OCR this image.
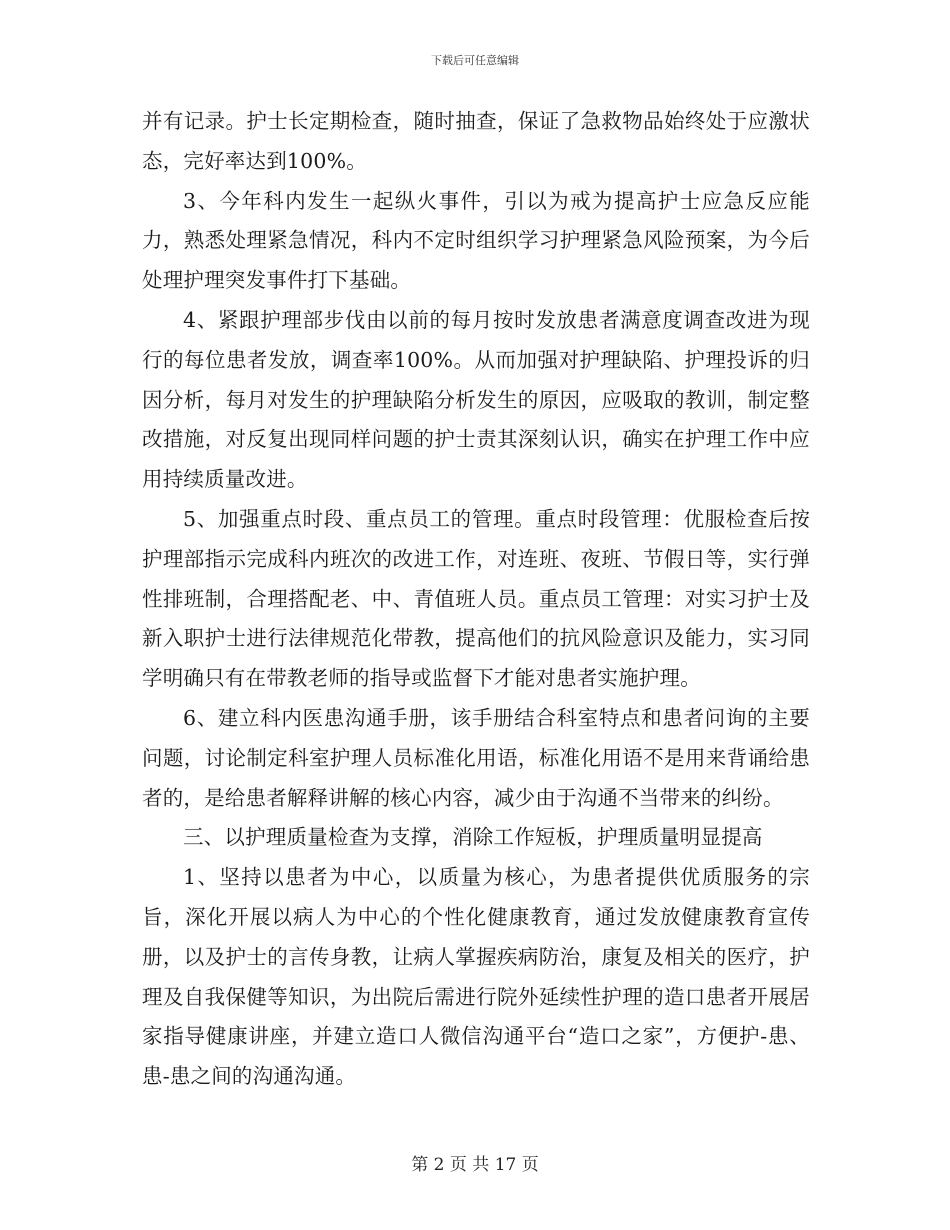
下载后可任意编辑

并有记录。护士长定期检查，随时抽查，保证了急救物品始终处于应激状态，完好率达到100%。

3、今年科内发生一起纵火事件，引以为戒为提高护士应急反应能力，熟悉处理紧急情况，科内不定时组织学习护理紧急风险预案，为今后处理护理突发事件打下基础。

4、紧跟护理部步伐由以前的每月按时发放患者满意度调查改进为现行的每位患者发放，调查率100%。从而加强对护理缺陷、护理投诉的归因分析，每月对发生的护理缺陷分析发生的原因，应吸取的教训，制定整改措施，对反复出现同样问题的护士责其深刻认识，确实在护理工作中应用持续质量改进。

5、加强重点时段、重点员工的管理。重点时段管理：优服检查后按护理部指示完成科内班次的改进工作，对连班、夜班、节假日等，实行弹性排班制，合理搭配老、中、青值班人员。重点员工管理：对实习护士及新入职护士进行法律规范化带教，提高他们的抗风险意识及能力，实习同学明确只有在带教老师的指导或监督下才能对患者实施护理。

6、建立科内医患沟通手册，该手册结合科室特点和患者问询的主要问题，讨论制定科室护理人员标准化用语，标准化用语不是用来背诵给患者的，是给患者解释讲解的核心内容，减少由于沟通不当带来的纠纷。

三、以护理质量检查为支撑，消除工作短板，护理质量明显提高

1、坚持以患者为中心，以质量为核心，为患者提供优质服务的宗旨，深化开展以病人为中心的个性化健康教育，通过发放健康教育宣传册，以及护士的言传身教，让病人掌握疾病防治，康复及相关的医疗，护理及自我保健等知识，为出院后需进行院外延续性护理的造口患者开展居家指导健康讲座，并建立造口人微信沟通平台“造口之家”，方便护-患、患-患之间的沟通沟通。

第 2 页 共 17 页
